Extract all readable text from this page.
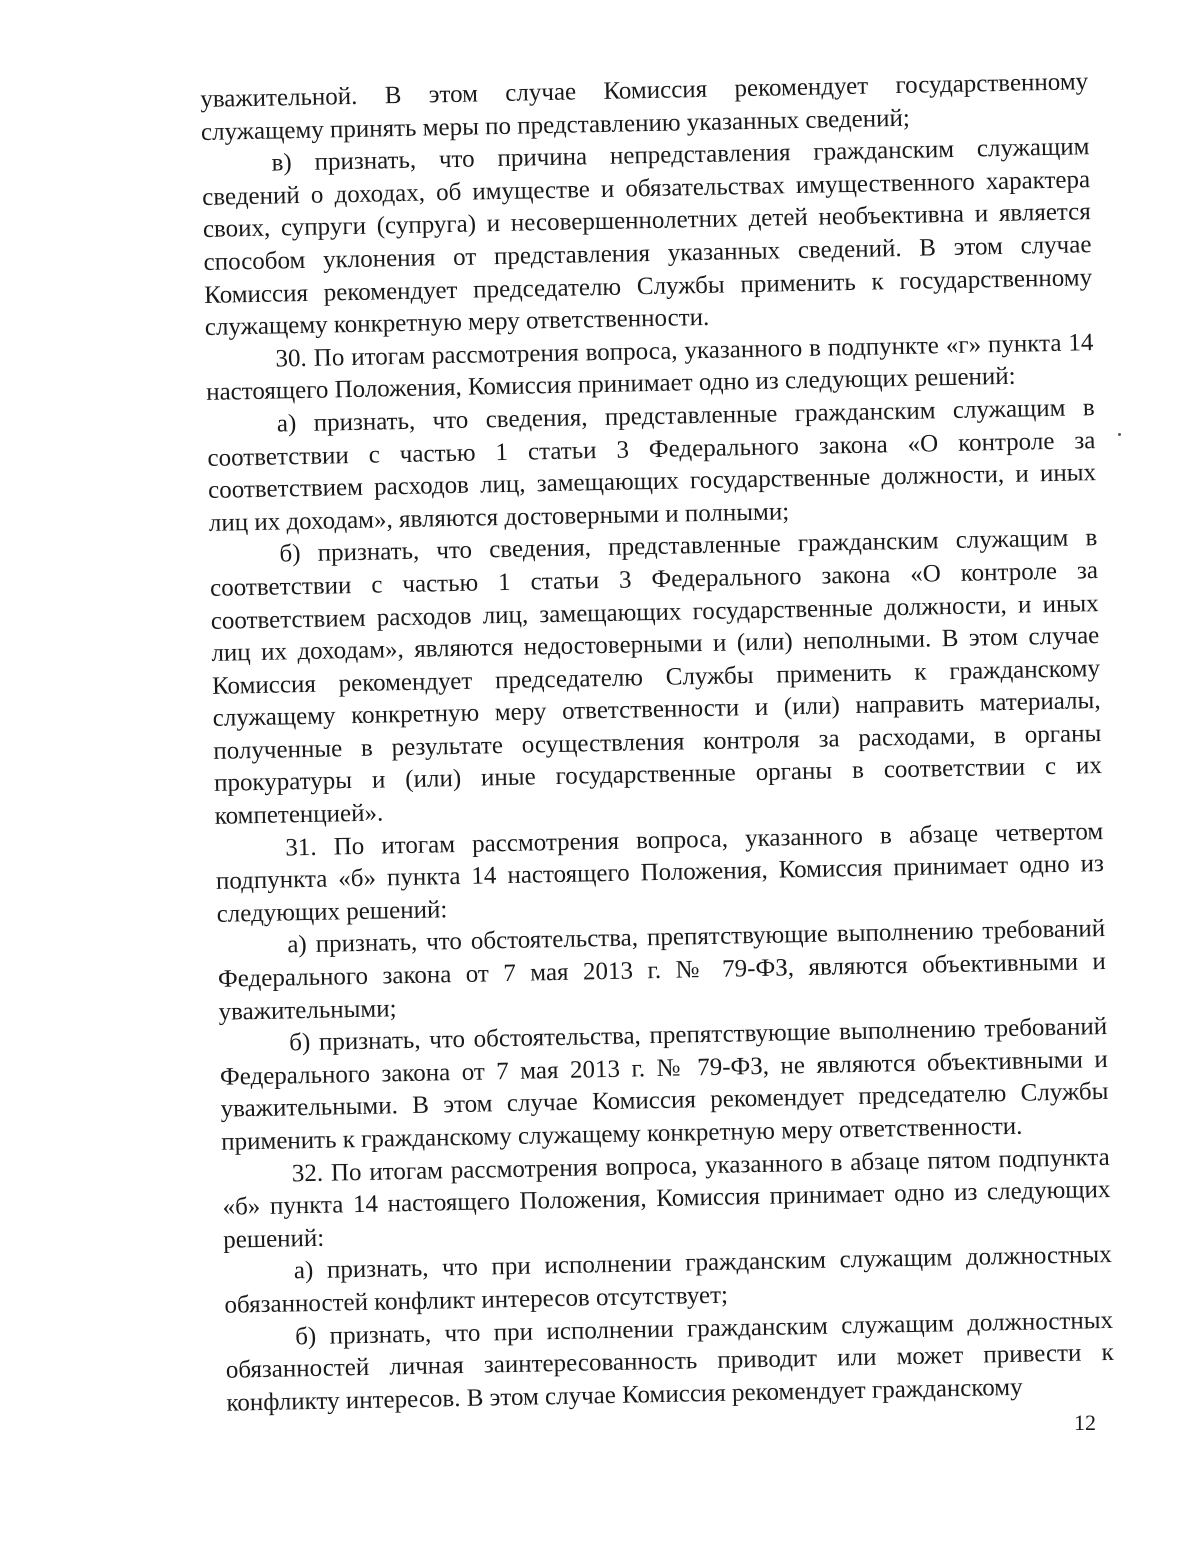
уважительной. В этом случае Комиссия рекомендует государственному служащему принять меры по представлению указанных сведений;

в) признать, что причина непредставления гражданским служащим сведений о доходах, об имуществе и обязательствах имущественного характера своих, супруги (супруга) и несовершеннолетних детей необъективна и является способом уклонения от представления указанных сведений. В этом случае Комиссия рекомендует председателю Службы применить к государственному служащему конкретную меру ответственности.

30. По итогам рассмотрения вопроса, указанного в подпункте «г» пункта 14 настоящего Положения, Комиссия принимает одно из следующих решений:

а) признать, что сведения, представленные гражданским служащим в соответствии с частью 1 статьи 3 Федерального закона «О контроле за соответствием расходов лиц, замещающих государственные должности, и иных лиц их доходам», являются достоверными и полными;

б) признать, что сведения, представленные гражданским служащим в соответствии с частью 1 статьи 3 Федерального закона «О контроле за соответствием расходов лиц, замещающих государственные должности, и иных лиц их доходам», являются недостоверными и (или) неполными. В этом случае Комиссия рекомендует председателю Службы применить к гражданскому служащему конкретную меру ответственности и (или) направить материалы, полученные в результате осуществления контроля за расходами, в органы прокуратуры и (или) иные государственные органы в соответствии с их компетенцией».

31. По итогам рассмотрения вопроса, указанного в абзаце четвертом подпункта «б» пункта 14 настоящего Положения, Комиссия принимает одно из следующих решений:

а) признать, что обстоятельства, препятствующие выполнению требований Федерального закона от 7 мая 2013 г. № 79-ФЗ, являются объективными и уважительными;

б) признать, что обстоятельства, препятствующие выполнению требований Федерального закона от 7 мая 2013 г. № 79-ФЗ, не являются объективными и уважительными. В этом случае Комиссия рекомендует председателю Службы применить к гражданскому служащему конкретную меру ответственности.

32. По итогам рассмотрения вопроса, указанного в абзаце пятом подпункта «б» пункта 14 настоящего Положения, Комиссия принимает одно из следующих решений:

а) признать, что при исполнении гражданским служащим должностных обязанностей конфликт интересов отсутствует;

б) признать, что при исполнении гражданским служащим должностных обязанностей личная заинтересованность приводит или может привести к конфликту интересов. В этом случае Комиссия рекомендует гражданскому

12
